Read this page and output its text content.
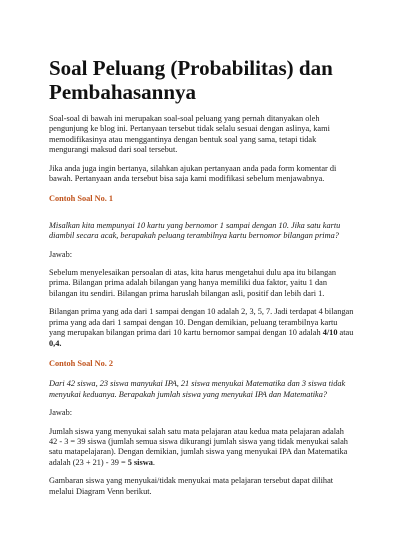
Soal Peluang (Probabilitas) dan Pembahasannya

Soal-soal di bawah ini merupakan soal-soal peluang yang pernah ditanyakan oleh pengunjung ke blog ini. Pertanyaan tersebut tidak selalu sesuai dengan aslinya, kami memodifikasinya atau menggantinya dengan bentuk soal yang sama, tetapi tidak mengurangi maksud dari soal tersebut.

Jika anda juga ingin bertanya, silahkan ajukan pertanyaan anda pada form komentar di bawah. Pertanyaan anda tersebut bisa saja kami modifikasi sebelum menjawabnya.

Contoh Soal No. 1

Misalkan kita mempunyai 10 kartu yang bernomor 1 sampai dengan 10. Jika satu kartu diambil secara acak, berapakah peluang terambilnya kartu bernomor bilangan prima?

Jawab:

Sebelum menyelesaikan persoalan di atas, kita harus mengetahui dulu apa itu bilangan prima. Bilangan prima adalah bilangan yang hanya memiliki dua faktor, yaitu 1 dan bilangan itu sendiri. Bilangan prima haruslah bilangan asli, positif dan lebih dari 1.

Bilangan prima yang ada dari 1 sampai dengan 10 adalah 2, 3, 5, 7. Jadi terdapat 4 bilangan prima yang ada dari 1 sampai dengan 10. Dengan demikian, peluang terambilnya kartu yang merupakan bilangan prima dari 10 kartu bernomor sampai dengan 10 adalah 4/10 atau 0,4.

Contoh Soal No. 2

Dari 42 siswa, 23 siswa manyukai IPA, 21 siswa menyukai Matematika dan 3 siswa tidak menyukai keduanya. Berapakah jumlah siswa yang menyukai IPA dan Matematika?

Jawab:

Jumlah siswa yang menyukai salah satu mata pelajaran atau kedua mata pelajaran adalah 42 - 3 = 39 siswa (jumlah semua siswa dikurangi jumlah siswa yang tidak menyukai salah satu matapelajaran). Dengan demikian, jumlah siswa yang menyukai IPA dan Matematika adalah (23 + 21) - 39 = 5 siswa.

Gambaran siswa yang menyukai/tidak menyukai mata pelajaran tersebut dapat dilihat melalui Diagram Venn berikut.
